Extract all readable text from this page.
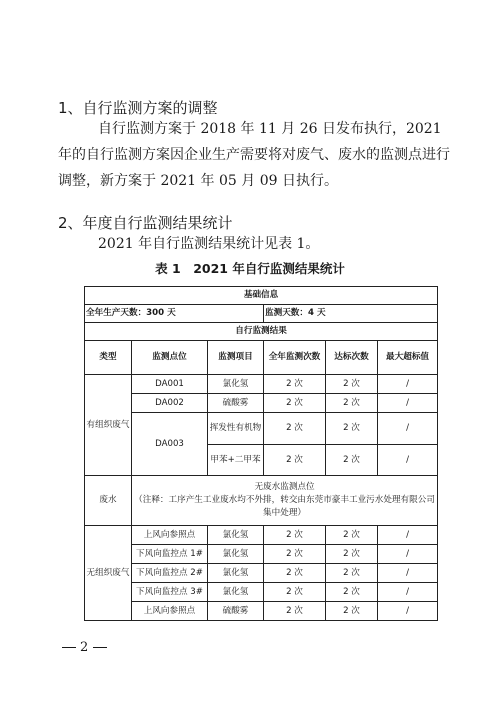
1、自行监测方案的调整
自行监测方案于 2018 年 11 月 26 日发布执行，2021 年的自行监测方案因企业生产需要将对废气、废水的监测点进行调整，新方案于 2021 年 05 月 09 日执行。
2、年度自行监测结果统计
2021 年自行监测结果统计见表 1。
表 1　2021 年自行监测结果统计
基础信息					
全年生产天数：300 天			监测天数：4 天		
自行监测结果					
类型	监测点位	监测项目	全年监测次数	达标次数	最大超标值
有组织废气	DA001	氯化氢	2 次	2 次	/
	DA002	硫酸雾	2 次	2 次	/
	DA003	挥发性有机物	2 次	2 次	/
		甲苯+二甲苯	2 次	2 次	/
废水	无废水监测点位
（注释：工序产生工业废水均不外排，转交由东莞市豪丰工业污水处理有限公司集中处理）				

无组织废气	上风向参照点	氯化氢	2 次	2 次	/
	下风向监控点 1#	氯化氢	2 次	2 次	/
	下风向监控点 2#	氯化氢	2 次	2 次	/
	下风向监控点 3#	氯化氢	2 次	2 次	/
	上风向参照点	硫酸雾	2 次	2 次	/
2
